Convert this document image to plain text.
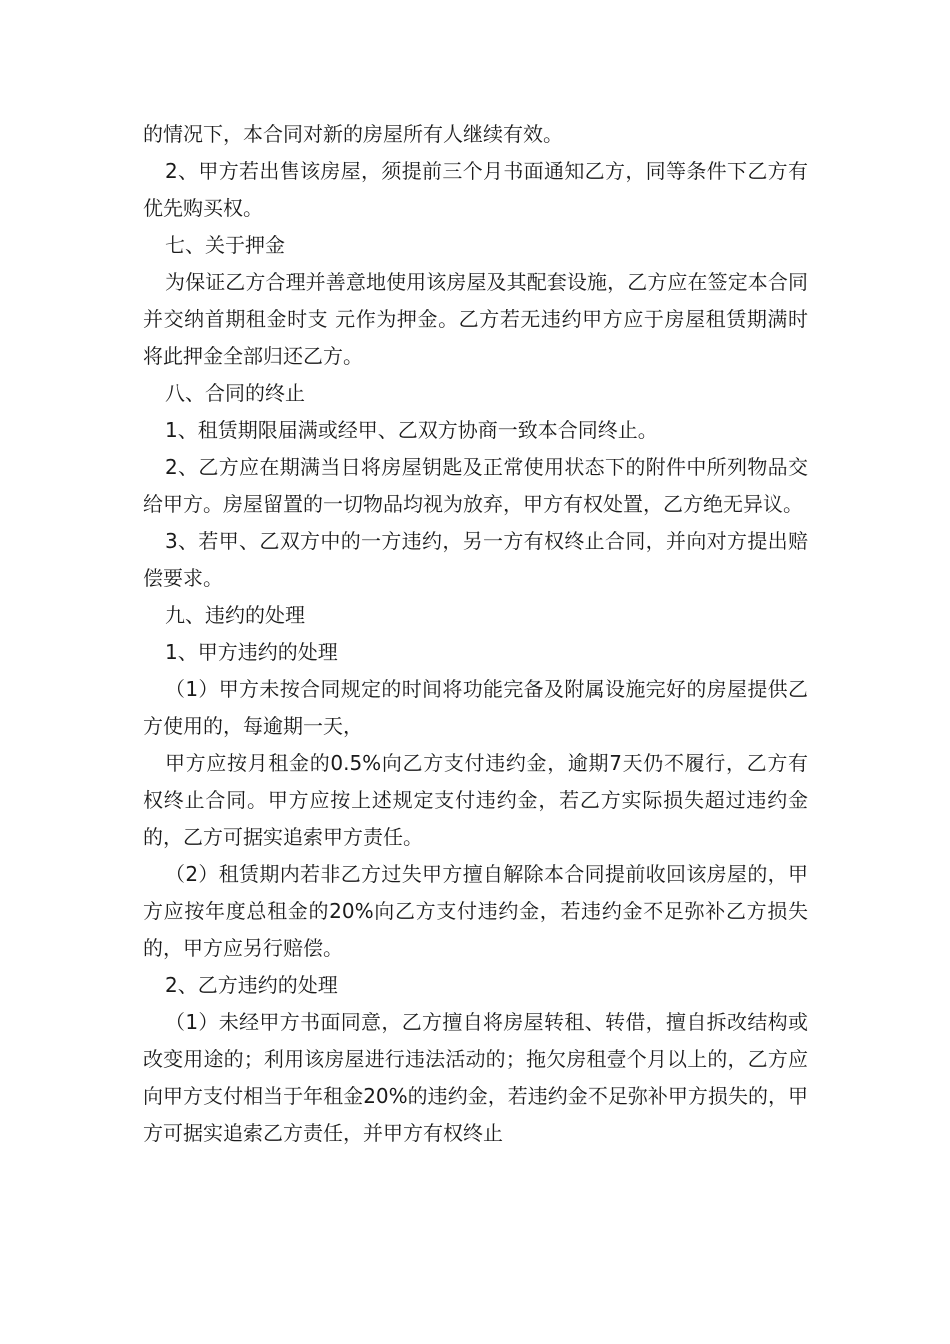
的情况下，本合同对新的房屋所有人继续有效。

2、甲方若出售该房屋，须提前三个月书面通知乙方，同等条件下乙方有优先购买权。

七、关于押金

为保证乙方合理并善意地使用该房屋及其配套设施，乙方应在签定本合同并交纳首期租金时支 元作为押金。乙方若无违约甲方应于房屋租赁期满时将此押金全部归还乙方。

八、合同的终止

1、租赁期限届满或经甲、乙双方协商一致本合同终止。

2、乙方应在期满当日将房屋钥匙及正常使用状态下的附件中所列物品交给甲方。房屋留置的一切物品均视为放弃，甲方有权处置，乙方绝无异议。

3、若甲、乙双方中的一方违约，另一方有权终止合同，并向对方提出赔偿要求。

九、违约的处理

1、甲方违约的处理

（1）甲方未按合同规定的时间将功能完备及附属设施完好的房屋提供乙方使用的，每逾期一天，

甲方应按月租金的0.5%向乙方支付违约金，逾期7天仍不履行，乙方有权终止合同。甲方应按上述规定支付违约金，若乙方实际损失超过违约金的，乙方可据实追索甲方责任。

（2）租赁期内若非乙方过失甲方擅自解除本合同提前收回该房屋的，甲方应按年度总租金的20%向乙方支付违约金，若违约金不足弥补乙方损失的，甲方应另行赔偿。

2、乙方违约的处理

（1）未经甲方书面同意，乙方擅自将房屋转租、转借，擅自拆改结构或改变用途的；利用该房屋进行违法活动的；拖欠房租壹个月以上的，乙方应向甲方支付相当于年租金20%的违约金，若违约金不足弥补甲方损失的，甲方可据实追索乙方责任，并甲方有权终止
